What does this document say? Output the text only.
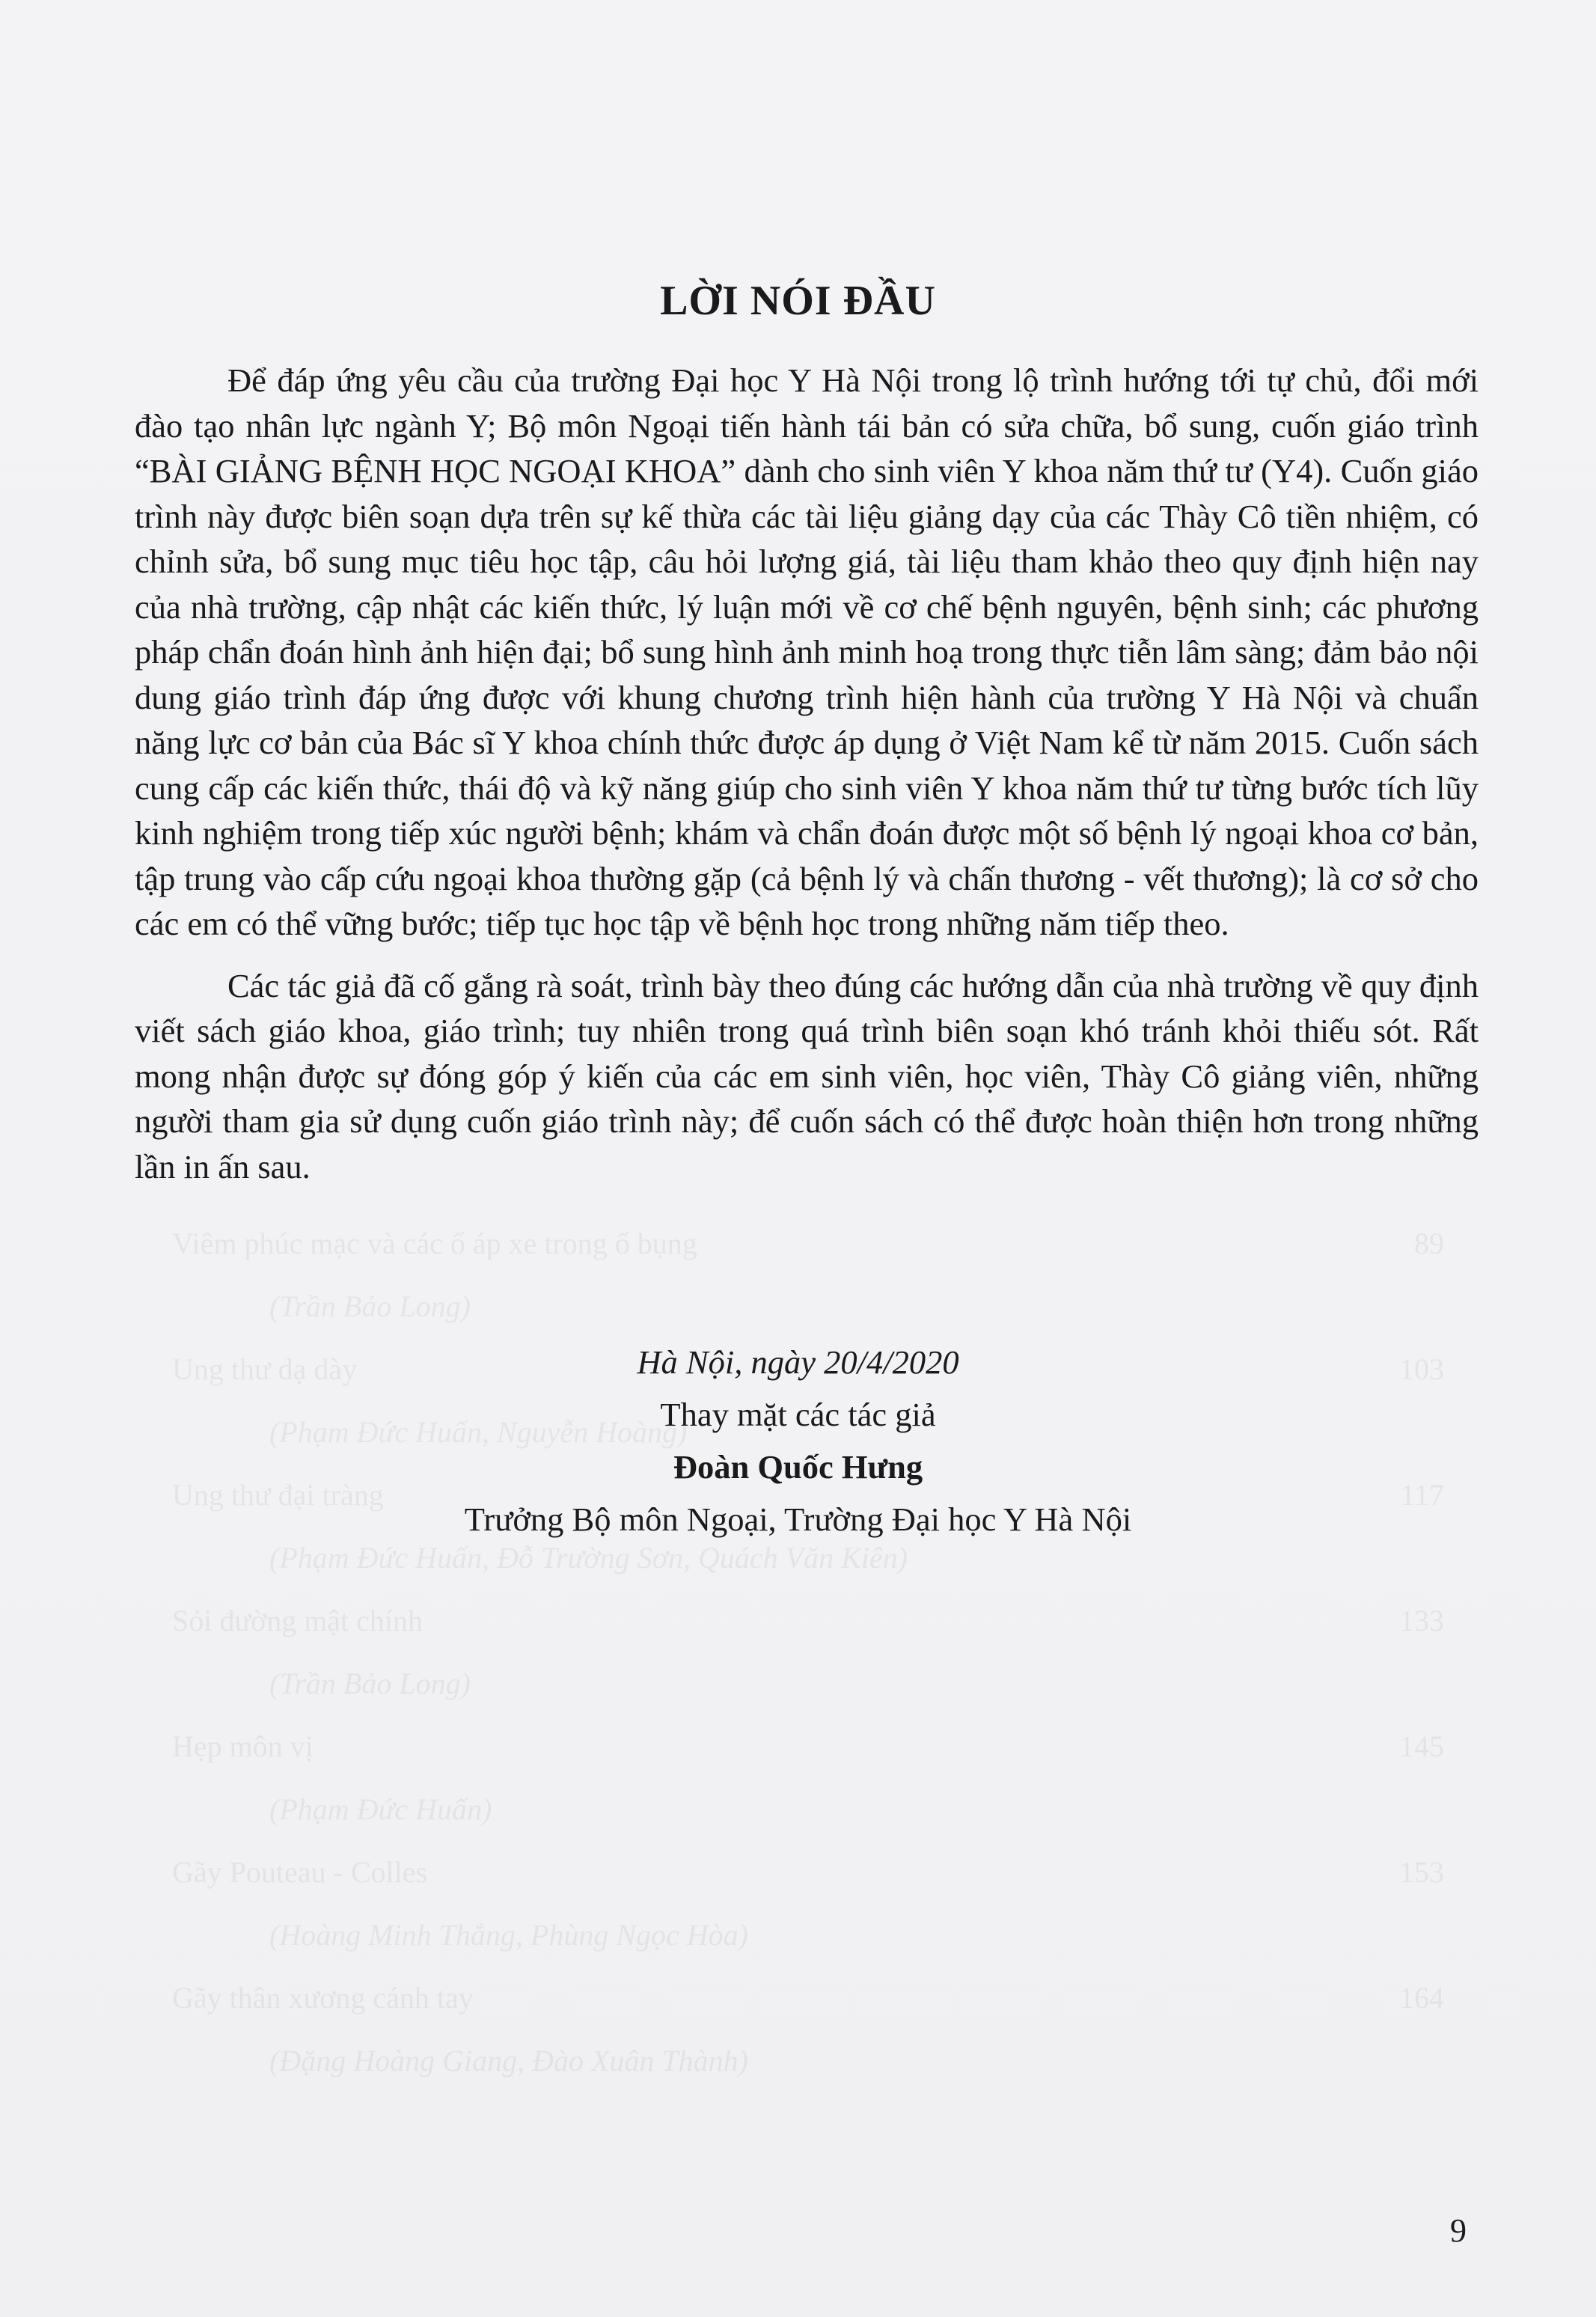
Viêm phúc mạc và các ổ áp xe trong ổ bụng	89
(Trần Bảo Long)
Ung thư dạ dày	103
(Phạm Đức Huấn, Nguyễn Hoàng)
Ung thư đại tràng	117
(Phạm Đức Huấn, Đỗ Trường Sơn, Quách Văn Kiên)
Sỏi đường mật chính	133
(Trần Bảo Long)
Hẹp môn vị	145
(Phạm Đức Huấn)
Gãy Pouteau - Colles	153
(Hoàng Minh Thắng, Phùng Ngọc Hòa)
Gãy thân xương cánh tay	164
(Đặng Hoàng Giang, Đào Xuân Thành)
LỜI NÓI ĐẦU

Để đáp ứng yêu cầu của trường Đại học Y Hà Nội trong lộ trình hướng tới tự chủ, đổi mới đào tạo nhân lực ngành Y; Bộ môn Ngoại tiến hành tái bản có sửa chữa, bổ sung, cuốn giáo trình “BÀI GIẢNG BỆNH HỌC NGOẠI KHOA” dành cho sinh viên Y khoa năm thứ tư (Y4). Cuốn giáo trình này được biên soạn dựa trên sự kế thừa các tài liệu giảng dạy của các Thày Cô tiền nhiệm, có chỉnh sửa, bổ sung mục tiêu học tập, câu hỏi lượng giá, tài liệu tham khảo theo quy định hiện nay của nhà trường, cập nhật các kiến thức, lý luận mới về cơ chế bệnh nguyên, bệnh sinh; các phương pháp chẩn đoán hình ảnh hiện đại; bổ sung hình ảnh minh hoạ trong thực tiễn lâm sàng; đảm bảo nội dung giáo trình đáp ứng được với khung chương trình hiện hành của trường Y Hà Nội và chuẩn năng lực cơ bản của Bác sĩ Y khoa chính thức được áp dụng ở Việt Nam kể từ năm 2015. Cuốn sách cung cấp các kiến thức, thái độ và kỹ năng giúp cho sinh viên Y khoa năm thứ tư từng bước tích lũy kinh nghiệm trong tiếp xúc người bệnh; khám và chẩn đoán được một số bệnh lý ngoại khoa cơ bản, tập trung vào cấp cứu ngoại khoa thường gặp (cả bệnh lý và chấn thương - vết thương); là cơ sở cho các em có thể vững bước; tiếp tục học tập về bệnh học trong những năm tiếp theo.

Các tác giả đã cố gắng rà soát, trình bày theo đúng các hướng dẫn của nhà trường về quy định viết sách giáo khoa, giáo trình; tuy nhiên trong quá trình biên soạn khó tránh khỏi thiếu sót. Rất mong nhận được sự đóng góp ý kiến của các em sinh viên, học viên, Thày Cô giảng viên, những người tham gia sử dụng cuốn giáo trình này; để cuốn sách có thể được hoàn thiện hơn trong những lần in ấn sau.

Hà Nội, ngày 20/4/2020
Thay mặt các tác giả
Đoàn Quốc Hưng
Trưởng Bộ môn Ngoại, Trường Đại học Y Hà Nội
9
